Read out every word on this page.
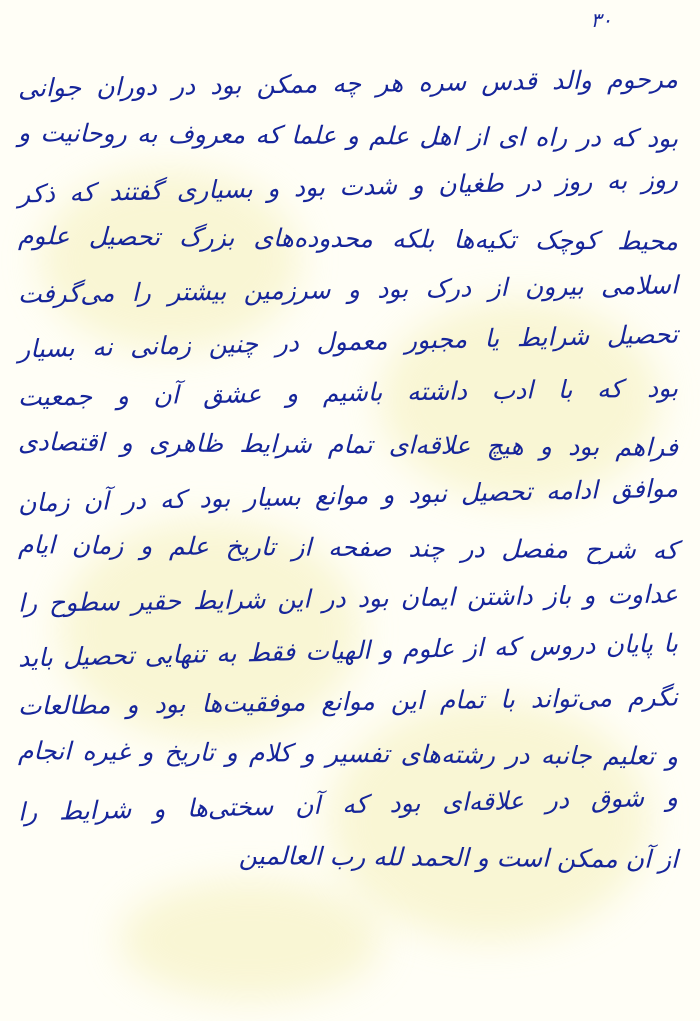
۳۰
مرحوم والد قدس سره هر چه ممکن بود در دوران جوانی
بود که در راه ای از اهل علم و علما که معروف به روحانیت و
روز به روز در طغیان و شدت بود و بسیاری گفتند که ذکر
محیط کوچک تکیه‌ها بلکه محدوده‌های بزرگ تحصیل علوم
اسلامی بیرون از درک بود و سرزمین بیشتر را می‌گرفت
تحصیل شرایط یا مجبور معمول در چنین زمانی نه بسیار
بود که با ادب داشته باشیم و عشق آن و جمعیت
فراهم بود و هیچ علاقه‌ای تمام شرایط ظاهری و اقتصادی
موافق ادامه تحصیل نبود و موانع بسیار بود که در آن زمان
که شرح مفصل در چند صفحه از تاریخ علم و زمان ایام
عداوت و باز داشتن ایمان بود در این شرایط حقیر سطوح را
با پایان دروس که از علوم و الهیات فقط به تنهایی تحصیل باید
نگرم می‌تواند با تمام این موانع موفقیت‌ها بود و مطالعات
و تعلیم جانبه در رشته‌های تفسیر و کلام و تاریخ و غیره انجام
و شوق در علاقه‌ای بود که آن سختی‌ها و شرایط را
از آن ممکن است و الحمد لله رب العالمین
